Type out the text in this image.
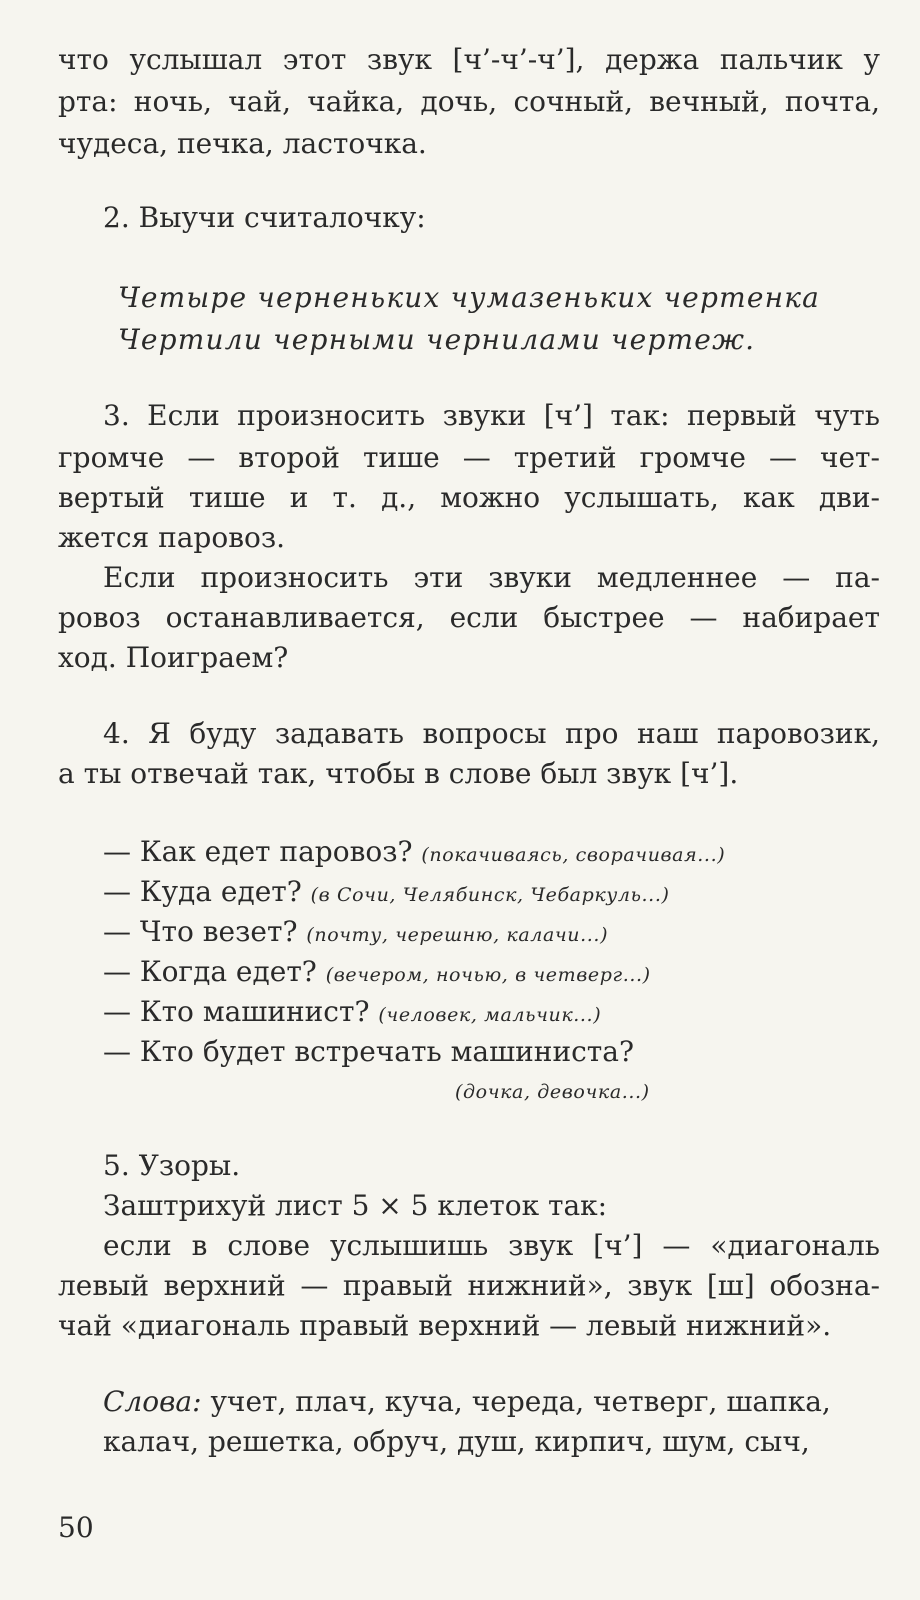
что услышал этот звук [ч’-ч’-ч’], держа пальчик у
рта: ночь, чай, чайка, дочь, сочный, вечный, почта,
чудеса, печка, ласточка.
2. Выучи считалочку:
Четыре черненьких чумазеньких чертенка
Чертили черными чернилами чертеж.
3. Если произносить звуки [ч’] так: первый чуть
громче — второй тише — третий громче — чет-
вертый тише и т. д., можно услышать, как дви-
жется паровоз.
Если произносить эти звуки медленнее — па-
ровоз останавливается, если быстрее — набирает
ход. Поиграем?
4. Я буду задавать вопросы про наш паровозик,
а ты отвечай так, чтобы в слове был звук [ч’].
— Как едет паровоз? (покачиваясь, сворачивая...)
— Куда едет? (в Сочи, Челябинск, Чебаркуль...)
— Что везет? (почту, черешню, калачи...)
— Когда едет? (вечером, ночью, в четверг...)
— Кто машинист? (человек, мальчик...)
— Кто будет встречать машиниста?
(дочка, девочка...)
5. Узоры.
Заштрихуй лист 5 × 5 клеток так:
если в слове услышишь звук [ч’] — «диагональ
левый верхний — правый нижний», звук [ш] обозна-
чай «диагональ правый верхний — левый нижний».
Слова: учет, плач, куча, череда, четверг, шапка,
калач, решетка, обруч, душ, кирпич, шум, сыч,
50
